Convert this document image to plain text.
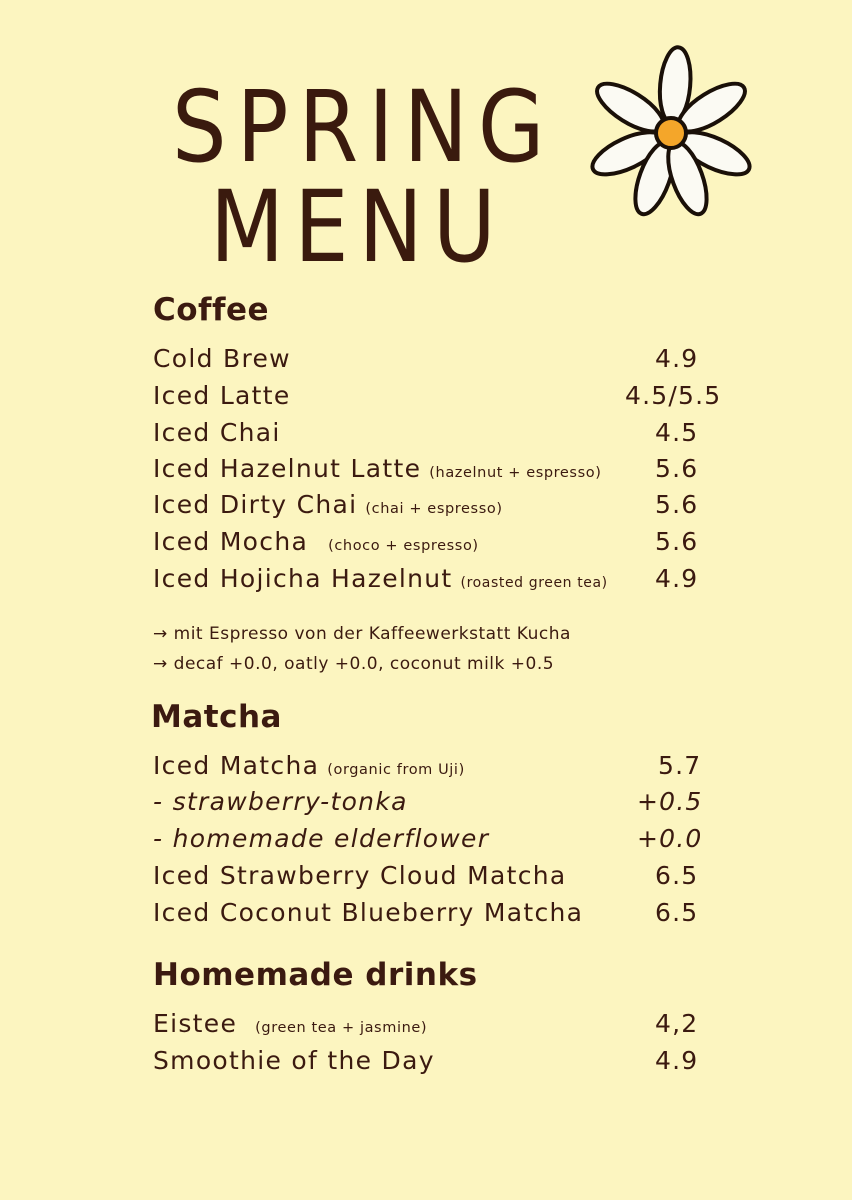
SPRING
MENU
Coffee
Cold Brew	4.9
Iced Latte	4.5/5.5
Iced Chai	4.5
Iced Hazelnut Latte (hazelnut + espresso) 5.6
Iced Dirty Chai (chai + espresso)	5.6
Iced Mocha (choco + espresso)	5.6
Iced Hojicha Hazelnut (roasted green tea) 4.9
→ mit Espresso von der Kaffeewerkstatt Kucha
→ decaf +0.0, oatly +0.0, coconut milk +0.5
Matcha
Iced Matcha (organic from Uji)	5.7
- strawberry-tonka	+0.5
- homemade elderflower	+0.0
Iced Strawberry Cloud Matcha	6.5
Iced Coconut Blueberry Matcha	6.5
Homemade drinks
Eistee (green tea + jasmine)	4,2
Smoothie of the Day	4.9
